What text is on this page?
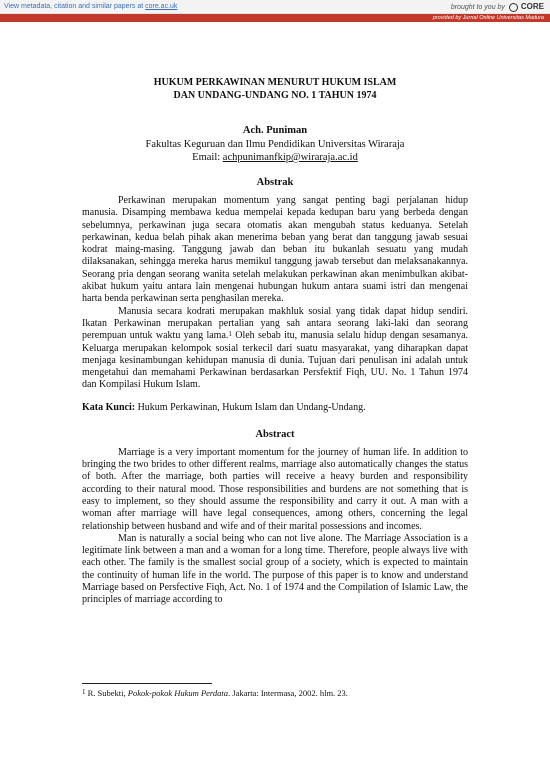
View metadata, citation and similar papers at core.ac.uk	brought to you by CORE
provided by Jurnal Online Universitas Madura

HUKUM PERKAWINAN MENURUT HUKUM ISLAM

DAN UNDANG-UNDANG NO. 1 TAHUN 1974

Ach. Puniman
Fakultas Keguruan dan Ilmu Pendidikan Universitas Wiraraja
Email: achpunimanfkip@wiraraja.ac.id
Abstrak

Perkawinan merupakan momentum yang sangat penting bagi perjalanan hidup manusia. Disamping membawa kedua mempelai kepada kedupan baru yang berbeda dengan sebelumnya, perkawinan juga secara otomatis akan mengubah status keduanya. Setelah perkawinan, kedua belah pihak akan menerima beban yang berat dan tanggung jawab sesuai kodrat maing-masing. Tanggung jawab dan beban itu bukanlah sesuatu yang mudah dilaksanakan, sehingga mereka harus memikul tanggung jawab tersebut dan melaksanakannya. Seorang pria dengan seorang wanita setelah melakukan perkawinan akan menimbulkan akibat-akibat hukum yaitu antara lain mengenai hubungan hukum antara suami istri dan mengenai harta benda perkawinan serta penghasilan mereka.

Manusia secara kodrati merupakan makhluk sosial yang tidak dapat hidup sendiri. Ikatan Perkawinan merupakan pertalian yang sah antara seorang laki-laki dan seorang perempuan untuk waktu yang lama.$^1$ Oleh sebab itu, manusia selalu hidup dengan sesamanya. Keluarga merupakan kelompok sosial terkecil dari suatu masyarakat, yang diharapkan dapat menjaga kesinambungan kehidupan manusia di dunia. Tujuan dari penulisan ini adalah untuk mengetahui dan memahami Perkawinan berdasarkan Persfektif Fiqh, UU. No. 1 Tahun 1974 dan Kompilasi Hukum Islam.

Kata Kunci: Hukum Perkawinan, Hukum Islam dan Undang-Undang.
Abstract

Marriage is a very important momentum for the journey of human life. In addition to bringing the two brides to other different realms, marriage also automatically changes the status of both. After the marriage, both parties will receive a heavy burden and responsibility according to their natural mood. Those responsibilities and burdens are not something that is easy to implement, so they should assume the responsibility and carry it out. A man with a woman after marriage will have legal consequences, among others, concerning the legal relationship between husband and wife and of their marital possessions and incomes.

Man is naturally a social being who can not live alone. The Marriage Association is a legitimate link between a man and a woman for a long time. Therefore, people always live with each other. The family is the smallest social group of a society, which is expected to maintain the continuity of human life in the world. The purpose of this paper is to know and understand Marriage based on Persfective Fiqh, Act. No. 1 of 1974 and the Compilation of Islamic Law, the principles of marriage according to

$^1$ R. Subekti, Pokok-pokok Hukum Perdata. Jakarta: Intermasa, 2002. hlm. 23.
